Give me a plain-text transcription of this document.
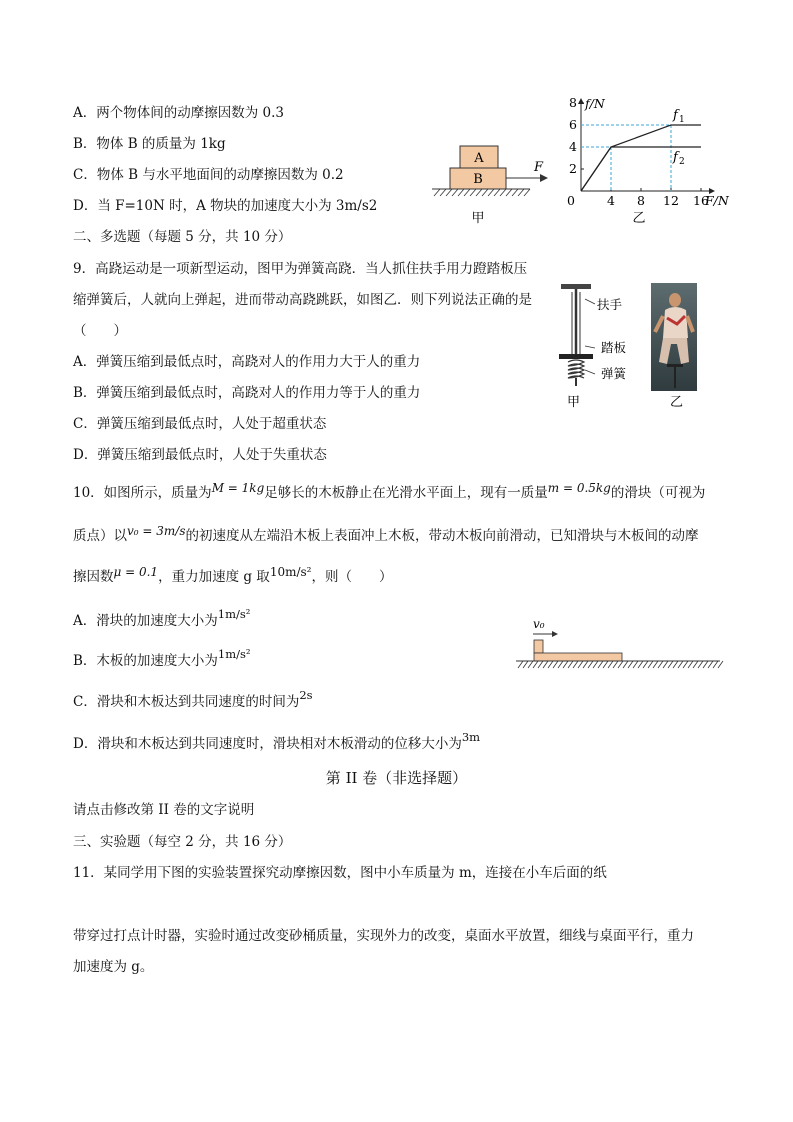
A．两个物体间的动摩擦因数为 0.3
B．物体 B 的质量为 1kg
C．物体 B 与水平地面间的动摩擦因数为 0.2
D．当 F=10N 时，A 物块的加速度大小为 3m/s2
A
B
F
甲
f/N
F/N
0	4 8 12 16
2
4
6
8
f 1
f 2
乙
二、多选题（每题 5 分，共 10 分）
9．高跷运动是一项新型运动，图甲为弹簧高跷．当人抓住扶手用力蹬踏板压
缩弹簧后，人就向上弹起，进而带动高跷跳跃，如图乙．则下列说法正确的是
（　　）
A．弹簧压缩到最低点时，高跷对人的作用力大于人的重力
B．弹簧压缩到最低点时，高跷对人的作用力等于人的重力
C．弹簧压缩到最低点时，人处于超重状态
D．弹簧压缩到最低点时，人处于失重状态
扶手
踏板
弹簧
甲	乙
10．如图所示，质量为M = 1kg足够长的木板静止在光滑水平面上，现有一质量m = 0.5kg的滑块（可视为
质点）以v₀ = 3m/s的初速度从左端沿木板上表面冲上木板，带动木板向前滑动，已知滑块与木板间的动摩
擦因数μ = 0.1，重力加速度 g 取10m/s²，则（　　）
A．滑块的加速度大小为1m/s²
B．木板的加速度大小为1m/s²
C．滑块和木板达到共同速度的时间为2s
D．滑块和木板达到共同速度时，滑块相对木板滑动的位移大小为3m
v₀
第 II 卷（非选择题）
请点击修改第 II 卷的文字说明
三、实验题（每空 2 分，共 16 分）
11．某同学用下图的实验装置探究动摩擦因数，图中小车质量为 m，连接在小车后面的纸
带穿过打点计时器，实验时通过改变砂桶质量，实现外力的改变，桌面水平放置，细线与桌面平行，重力
加速度为 g。
